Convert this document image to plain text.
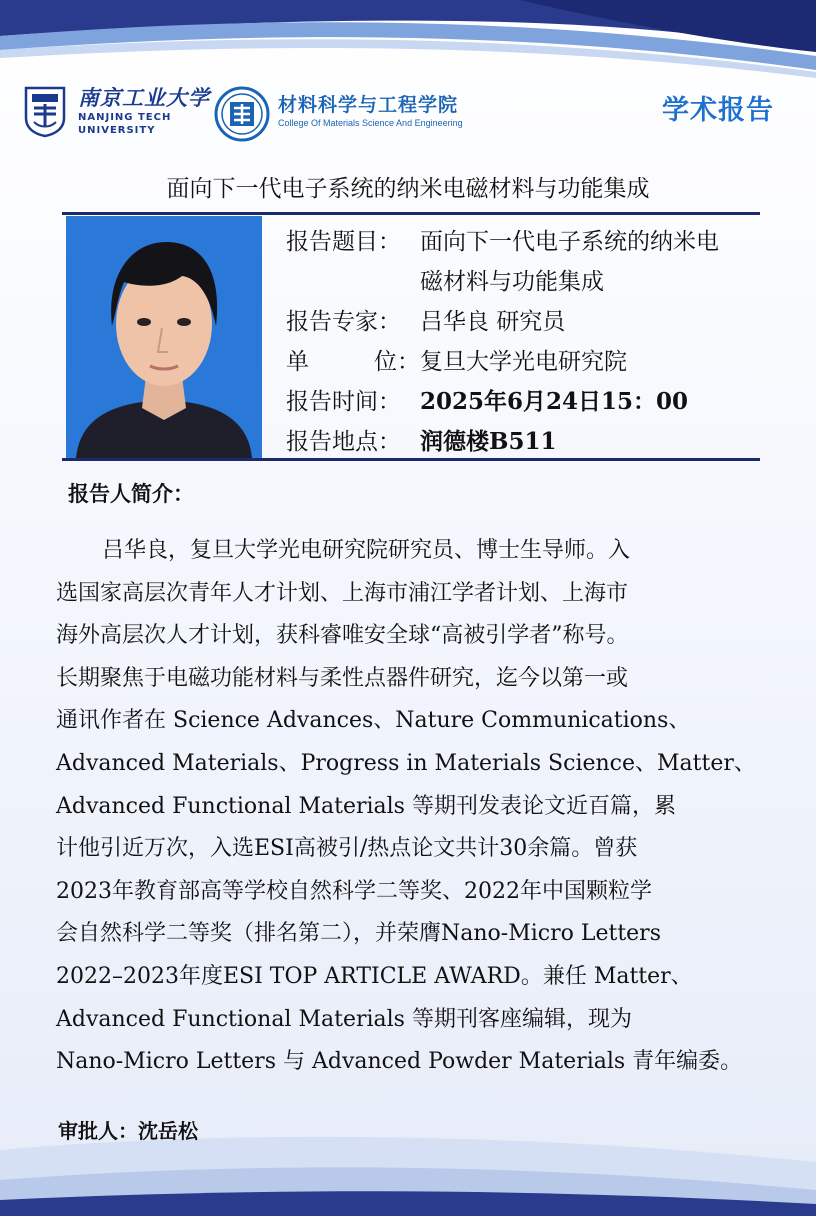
南京工业大学
NANJING TECH
UNIVERSITY
材料科学与工程学院
College Of Materials Science And Engineering	学术报告
面向下一代电子系统的纳米电磁材料与功能集成
报告题目： 面向下一代电子系统的纳米电
磁材料与功能集成
报告专家： 吕华良 研究员
单	位： 复旦大学光电研究院
报告时间： 2025年6月24日15：00
报告地点： 润德楼B511
报告人简介：
吕华良，复旦大学光电研究院研究员、博士生导师。入
选国家高层次青年人才计划、上海市浦江学者计划、上海市
海外高层次人才计划，获科睿唯安全球“高被引学者”称号。
长期聚焦于电磁功能材料与柔性点器件研究，迄今以第一或
通讯作者在 Science Advances、Nature Communications、
Advanced Materials、Progress in Materials Science、Matter、
Advanced Functional Materials 等期刊发表论文近百篇，累
计他引近万次，入选ESI高被引/热点论文共计30余篇。曾获
2023年教育部高等学校自然科学二等奖、2022年中国颗粒学
会自然科学二等奖（排名第二），并荣膺Nano-Micro Letters
2022–2023年度ESI TOP ARTICLE AWARD。兼任 Matter、
Advanced Functional Materials 等期刊客座编辑，现为
Nano-Micro Letters 与 Advanced Powder Materials 青年编委。
审批人：沈岳松
